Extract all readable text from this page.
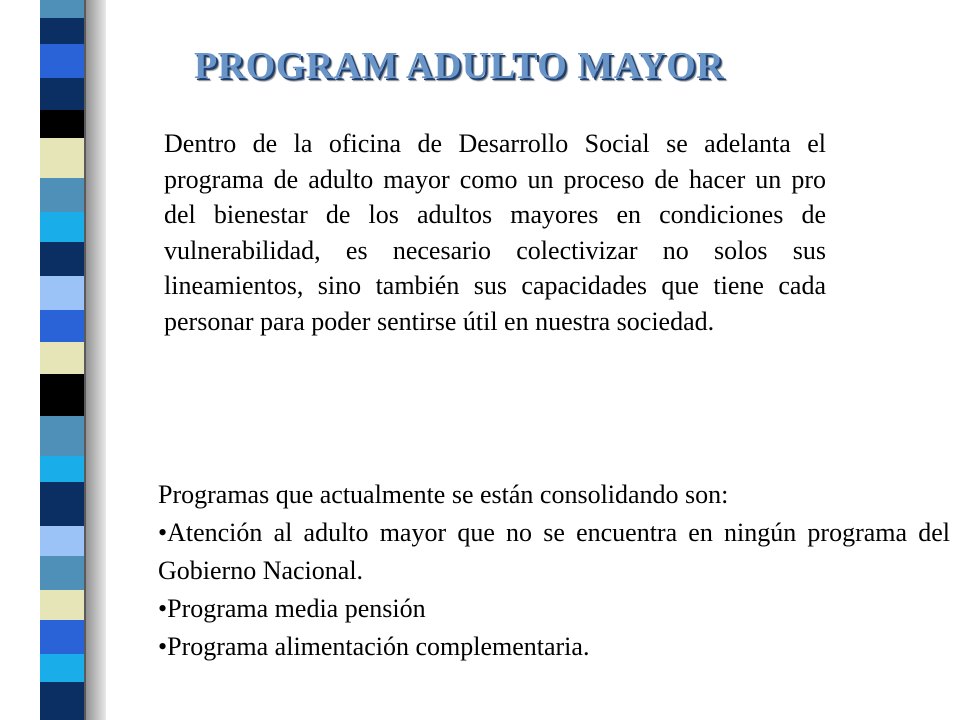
PROGRAM ADULTO MAYOR
Dentro de la oficina de Desarrollo Social se adelanta el programa de adulto mayor como un proceso de hacer un pro del bienestar de los adultos mayores en condiciones de vulnerabilidad, es necesario colectivizar no solos sus lineamientos, sino también sus capacidades que tiene cada personar para poder sentirse útil en nuestra sociedad.
Programas que actualmente se están consolidando son:
•Atención al adulto mayor que no se encuentra en ningún programa del Gobierno Nacional.
•Programa media pensión
•Programa alimentación complementaria.
